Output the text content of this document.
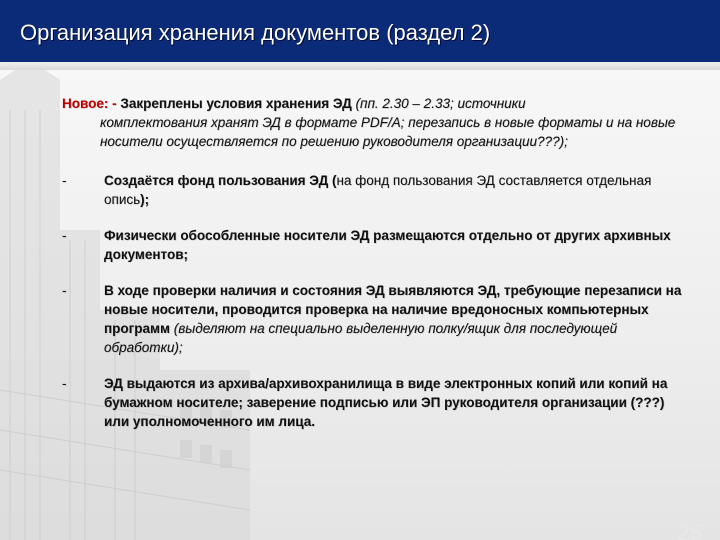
Организация хранения документов (раздел 2)
25
Новое: - Закреплены условия хранения ЭД (пп. 2.30 – 2.33; источники
комплектования хранят ЭД в формате PDF/A; перезапись в новые форматы и на новые носители осуществляется по решению руководителя организации???);
-	Создаётся фонд пользования ЭД (на фонд пользования ЭД составляется отдельная опись);
-	Физически обособленные носители ЭД размещаются отдельно от других архивных документов;
-	В ходе проверки наличия и состояния ЭД выявляются ЭД, требующие перезаписи на новые носители, проводится проверка на наличие вредоносных компьютерных программ (выделяют на специально выделенную полку/ящик для последующей обработки);
-	ЭД выдаются из архива/архивохранилища в виде электронных копий или копий на бумажном носителе; заверение подписью или ЭП руководителя организации (???) или уполномоченного им лица.
